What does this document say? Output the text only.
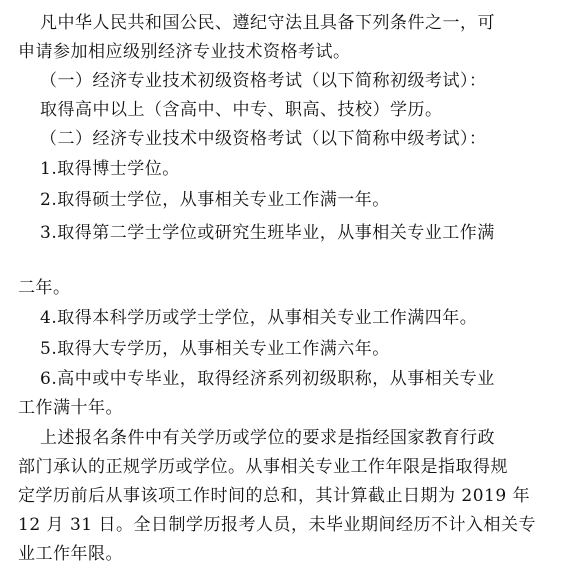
凡中华人民共和国公民、遵纪守法且具备下列条件之一，可
申请参加相应级别经济专业技术资格考试。
（一）经济专业技术初级资格考试（以下简称初级考试）：
取得高中以上（含高中、中专、职高、技校）学历。
（二）经济专业技术中级资格考试（以下简称中级考试）：
1.取得博士学位。
2.取得硕士学位，从事相关专业工作满一年。
3.取得第二学士学位或研究生班毕业，从事相关专业工作满
二年。
4.取得本科学历或学士学位，从事相关专业工作满四年。
5.取得大专学历，从事相关专业工作满六年。
6.高中或中专毕业，取得经济系列初级职称，从事相关专业
工作满十年。
上述报名条件中有关学历或学位的要求是指经国家教育行政
部门承认的正规学历或学位。从事相关专业工作年限是指取得规
定学历前后从事该项工作时间的总和，其计算截止日期为 2019 年
12 月 31 日。全日制学历报考人员，未毕业期间经历不计入相关专
业工作年限。
